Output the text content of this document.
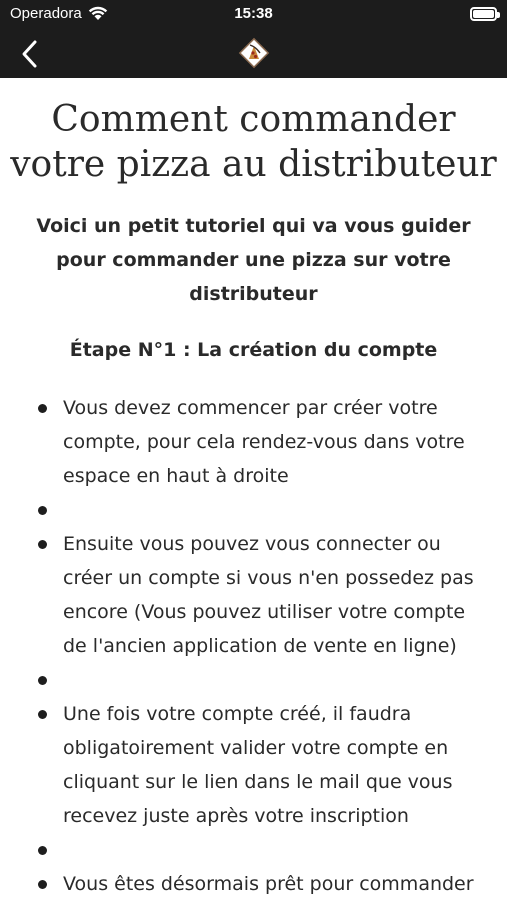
Operadora	15:38
Comment commander votre pizza au distributeur

Voici un petit tutoriel qui va vous guider pour commander une pizza sur votre distributeur

Étape N°1 : La création du compte
Vous devez commencer par créer votre compte, pour cela rendez-vous dans votre espace en haut à droite
Ensuite vous pouvez vous connecter ou créer un compte si vous n'en possedez pas encore (Vous pouvez utiliser votre compte de l'ancien application de vente en ligne)
Une fois votre compte créé, il faudra obligatoirement valider votre compte en cliquant sur le lien dans le mail que vous recevez juste après votre inscription
Vous êtes désormais prêt pour commander
